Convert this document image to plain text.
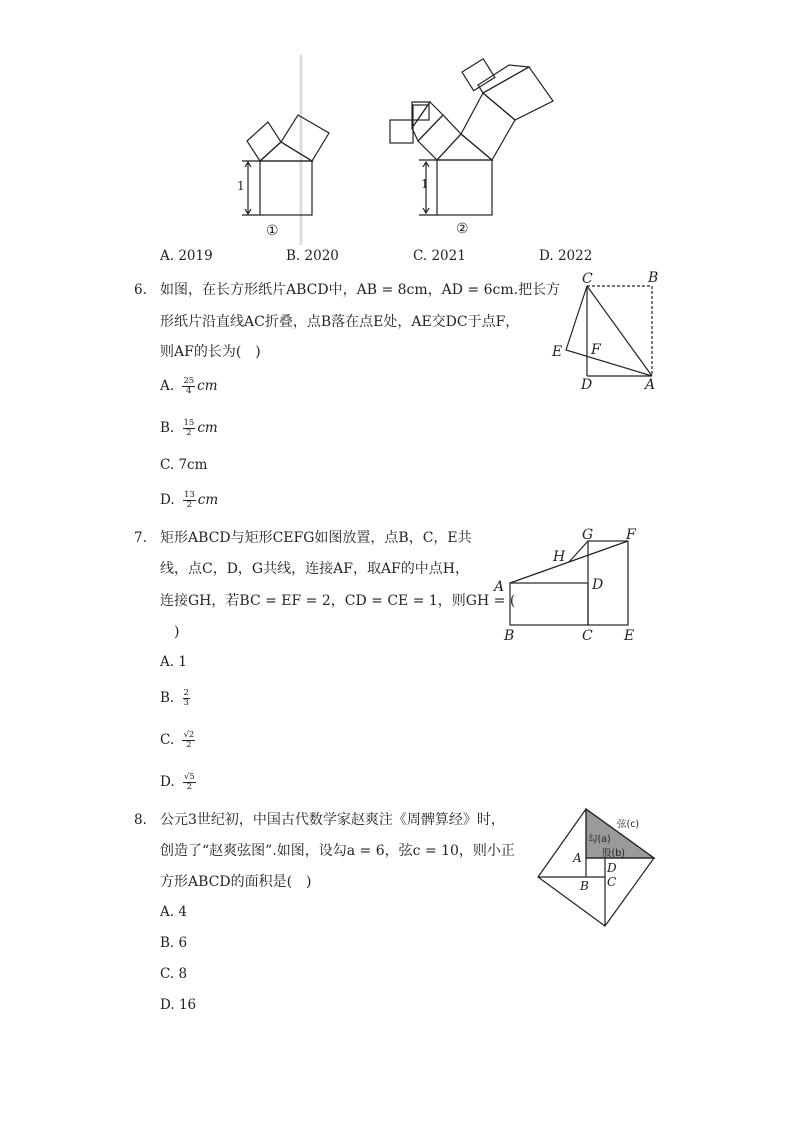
1
①
1
②
A. 2019	B. 2020	C. 2021	D. 2022
6. 如图，在长方形纸片ABCD中，AB = 8cm，AD = 6cm.把长方
形纸片沿直线AC折叠，点B落在点E处，AE交DC于点F，
则AF的长为(　)
A. $\frac{25}{4}$ cm
B. $\frac{15}{2}$ cm
C. 7cm
D. $\frac{13}{2}$ cm
C	B
E F
D	A
7. 矩形ABCD与矩形CEFG如图放置，点B，C，E共
线，点C，D，G共线，连接AF，取AF的中点H，
连接GH，若BC = EF = 2，CD = CE = 1，则GH = (
　)
A. 1
B. $\frac{2}{3}$
C. $\frac{√2}{2}$
D. $\frac{√5}{2}$
G F
H
A	D
B	C E
8. 公元3世纪初，中国古代数学家赵爽注《周髀算经》时，
创造了“赵爽弦图”.如图，设勾a = 6，弦c = 10，则小正
方形ABCD的面积是(　)
A. 4
B. 6
C. 8
D. 16
弦(c)
勾(a)
股(b)
A
D
B C
